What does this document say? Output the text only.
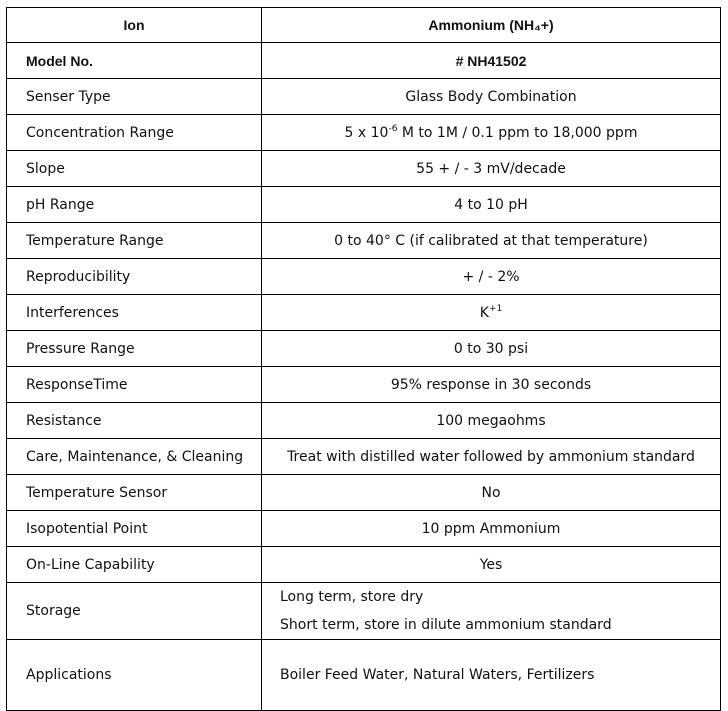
Ion	Ammonium (NH₄+)
Model No.	# NH41502
Senser Type	Glass Body Combination
Concentration Range	5 x $10^{-6}$ M to 1M / 0.1 ppm to 18,000 ppm
Slope	55 + / - 3 mV/decade
pH Range	4 to 10 pH
Temperature Range	0 to 40° C (if calibrated at that temperature)
Reproducibility	+ / - 2%
Interferences	$K^{+1}$
Pressure Range	0 to 30 psi
ResponseTime	95% response in 30 seconds
Resistance	100 megaohms
Care, Maintenance, & Cleaning	Treat with distilled water followed by ammonium standard
Temperature Sensor	No
Isopotential Point	10 ppm Ammonium
On-Line Capability	Yes
Storage	Long term, store dry
Short term, store in dilute ammonium standard

Applications	Boiler Feed Water, Natural Waters, Fertilizers
